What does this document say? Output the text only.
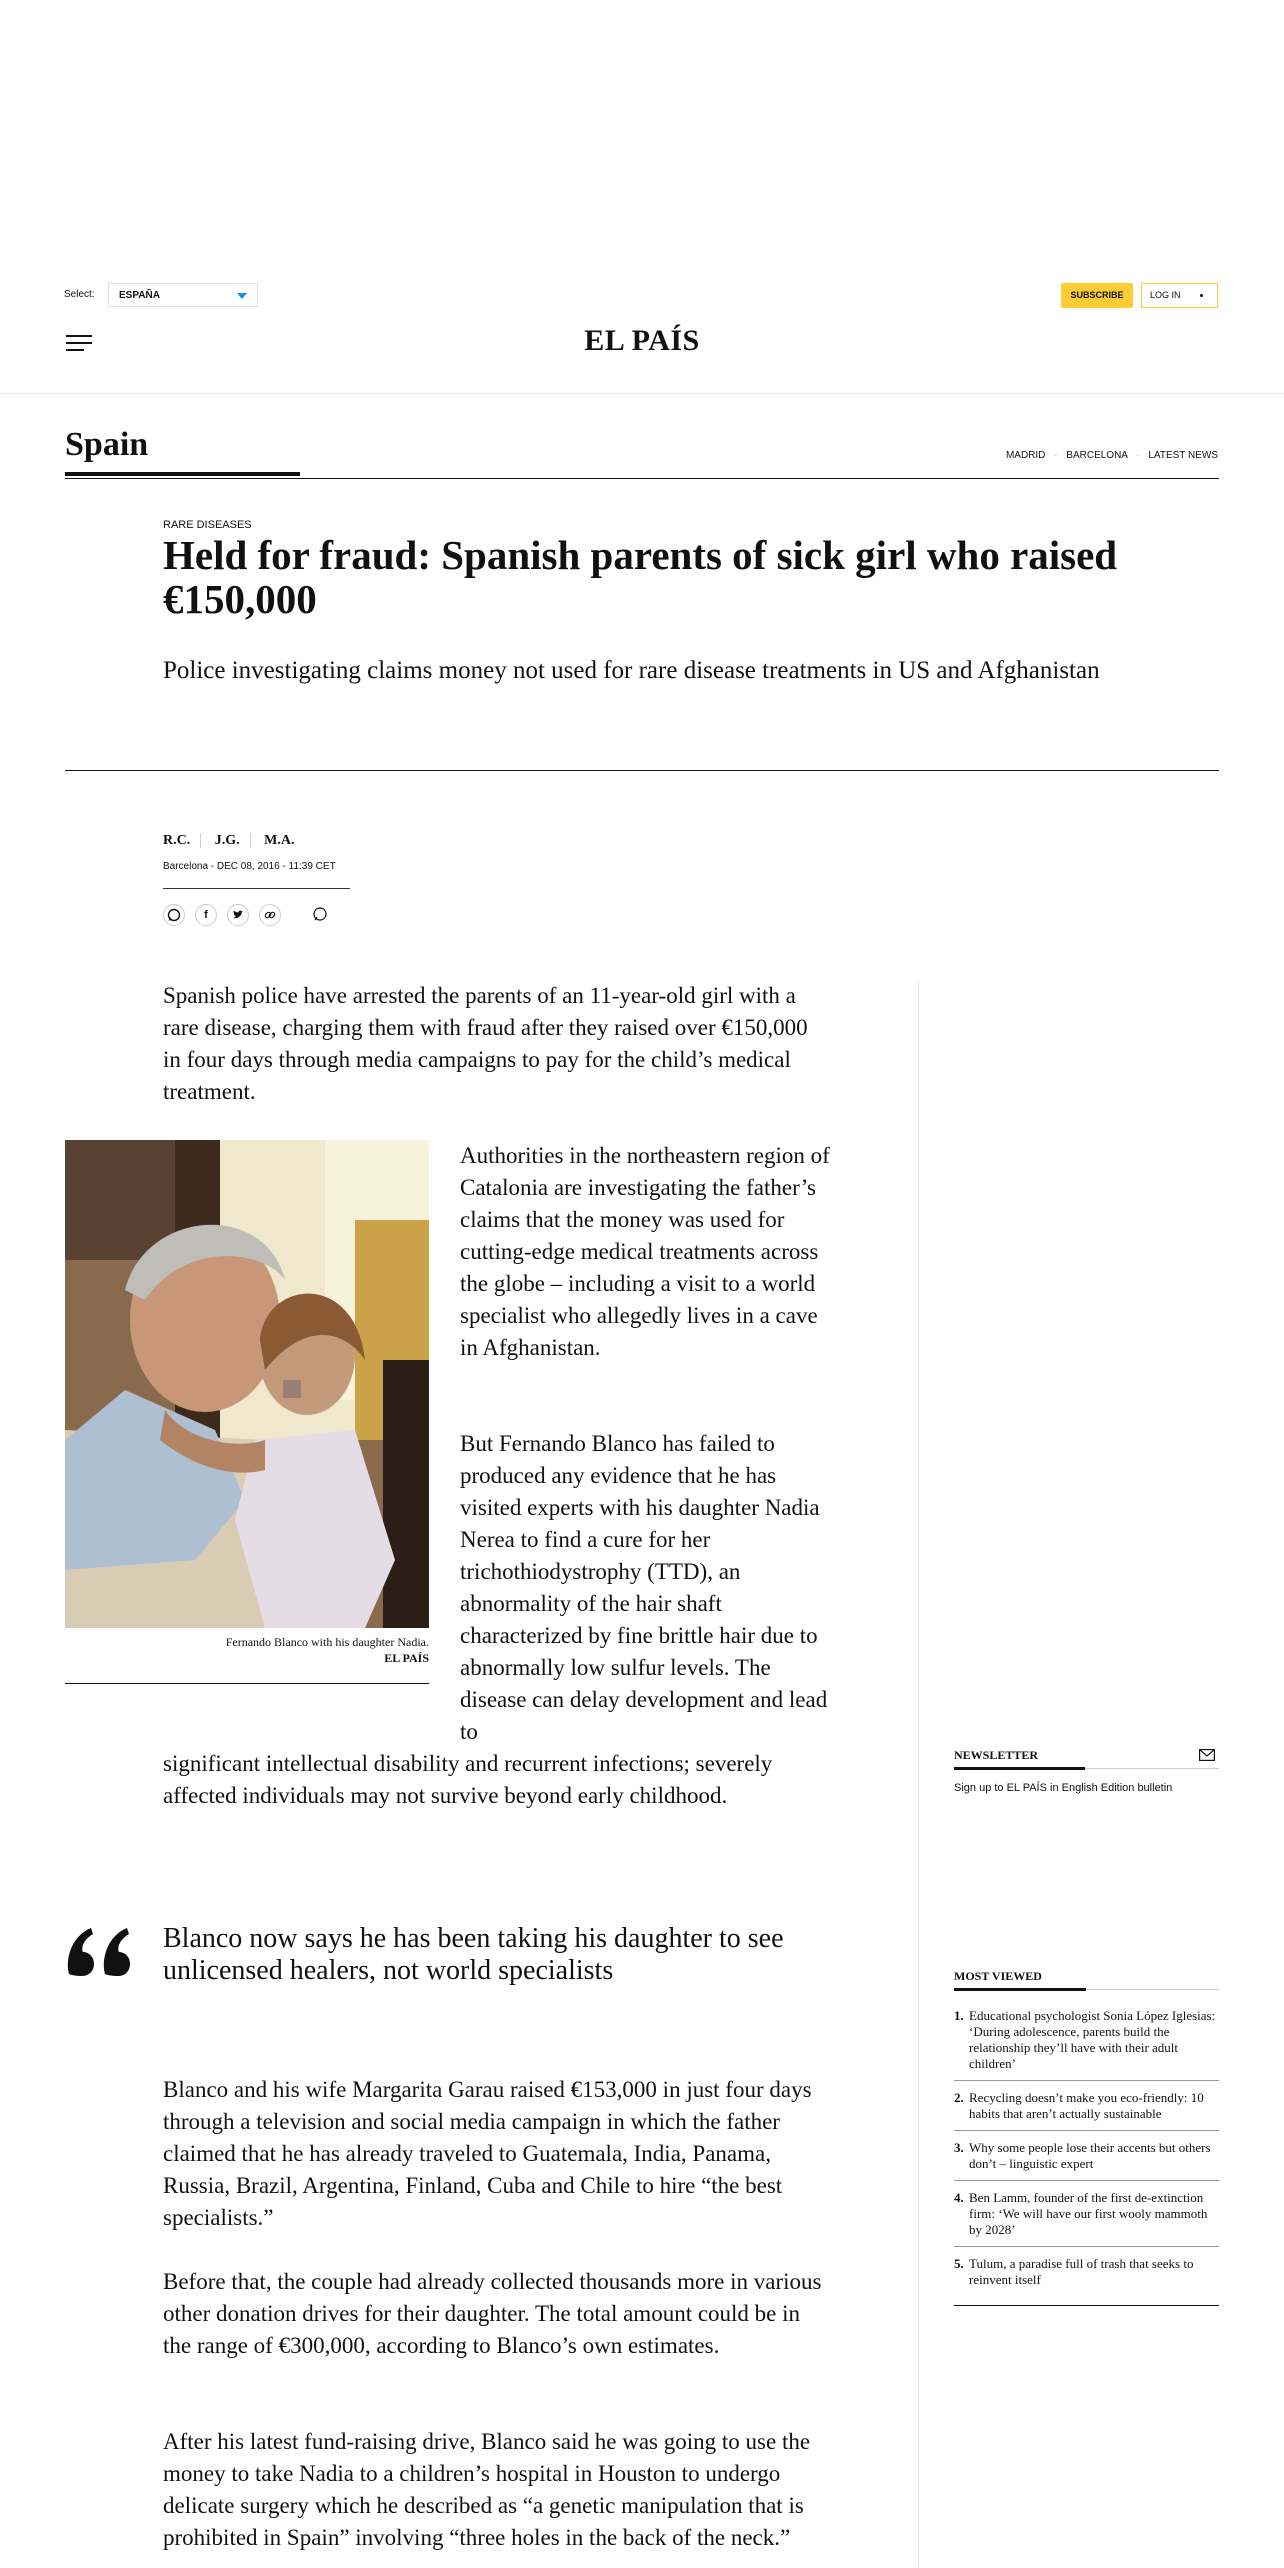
Select:	ESPAÑA	SUBSCRIBE	LOG IN
EL PAÍS
Spain	MADRID · BARCELONA · LATEST NEWS
RARE DISEASES
Held for fraud: Spanish parents of sick girl who raised €150,000
Police investigating claims money not used for rare disease treatments in US and Afghanistan
R.C. J.G. M.A.
Barcelona - DEC 08, 2016 - 11:39 CET
f

Spanish police have arrested the parents of an 11-year-old girl with a rare disease, charging them with fraud after they raised over €150,000 in four days through media campaigns to pay for the child’s medical treatment.

Fernando Blanco with his daughter Nadia.
EL PAÍS

Authorities in the northeastern region of Catalonia are investigating the father’s claims that the money was used for cutting-edge medical treatments across the globe – including a visit to a world specialist who allegedly lives in a cave in Afghanistan.

But Fernando Blanco has failed to produced any evidence that he has visited experts with his daughter Nadia Nerea to find a cure for her trichothiodystrophy (TTD), an abnormality of the hair shaft characterized by fine brittle hair due to abnormally low sulfur levels. The disease can delay development and lead to

significant intellectual disability and recurrent infections; severely affected individuals may not survive beyond early childhood.

Blanco now says he has been taking his daughter to see unlicensed healers, not world specialists

Blanco and his wife Margarita Garau raised €153,000 in just four days through a television and social media campaign in which the father claimed that he has already traveled to Guatemala, India, Panama, Russia, Brazil, Argentina, Finland, Cuba and Chile to hire “the best specialists.”

Before that, the couple had already collected thousands more in various other donation drives for their daughter. The total amount could be in the range of €300,000, according to Blanco’s own estimates.

After his latest fund-raising drive, Blanco said he was going to use the money to take Nadia to a children’s hospital in Houston to undergo delicate surgery which he described as “a genetic manipulation that is prohibited in Spain” involving “three holes in the back of the neck.”

NEWSLETTER
Sign up to EL PAÍS in English Edition bulletin
MOST VIEWED
1. Educational psychologist Sonia López Iglesias: ‘During adolescence, parents build the relationship they’ll have with their adult children’
2. Recycling doesn’t make you eco-friendly: 10 habits that aren’t actually sustainable
3. Why some people lose their accents but others don’t – linguistic expert
4. Ben Lamm, founder of the first de-extinction firm: ‘We will have our first wooly mammoth by 2028’
5. Tulum, a paradise full of trash that seeks to reinvent itself
